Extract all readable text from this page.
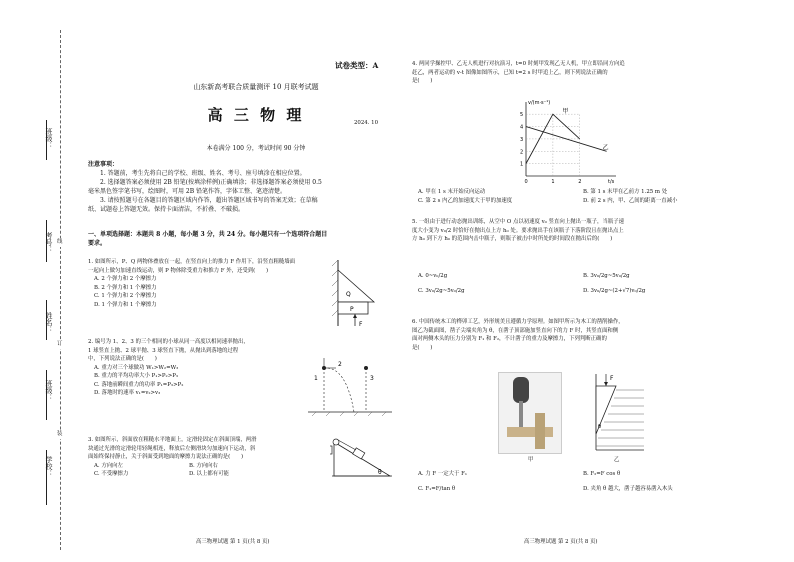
班级：
考号：
姓名：
班级：
学校：
线
订
装
试卷类型：A
山东新高考联合质量测评 10 月联考试题
高 三 物 理	2024. 10
本卷满分 100 分，考试时间 90 分钟
注意事项：
1. 答题前，考生先将自己的学校、班级、姓名、考号、座号填涂在相应位置。
2. 选择题答案必须使用 2B 铅笔(按填涂样例)正确填涂；非选择题答案必须使用 0.5
毫米黑色签字笔书写，绘图时，可用 2B 铅笔作答，字体工整、笔迹清楚。
3. 请按照题号在各题目的答题区域内作答，超出答题区域书写的答案无效；在草稿
纸、试题卷上答题无效。保持卡面清洁，不折叠、不破损。
一、单项选择题：本题共 8 小题，每小题 3 分，共 24 分。每小题只有一个选项符合题目
要求。
1. 如图所示，P、Q 两物体叠放在一起，在竖直向上的推力 F 作用下，沿竖直粗糙墙面
一起向上做匀加速直线运动，则 P 物体除受重力和推力 F 外，还受到(　　)
A. 2 个弹力和 2 个摩擦力
B. 2 个弹力和 1 个摩擦力
C. 1 个弹力和 2 个摩擦力
D. 1 个弹力和 1 个摩擦力
Q
P
F
2. 编号为 1、2、3 的三个相同的小球从同一高度以相同速率抛出，
1 球竖直上抛、2 球平抛、3 球竖直下抛，从抛出到落地的过程
中，下列说法正确的是(　　)
A. 重力对三个球做功 W₁>W₂=W₃
B. 重力的平均功率大小 P₁>P₂>P₃
C. 落地前瞬间重力的功率 P₁=P₃>P₂
D. 落地时的速率 v₁=v₂>v₃
1
2
3
3. 如图所示，斜面放在粗糙水平地面上，定滑轮固定在斜面顶端，两滑
块通过光滑的定滑轮用轻绳相连，释放后左侧滑块匀加速向下运动，斜
面始终保持静止，关于斜面受到地面的摩擦力说法正确的是(　　)
A. 方向向左	B. 方向向右
C. 不受摩擦力	D. 以上都有可能	θ
高三物理试题 第 1 页(共 8 页)
4. 两同学操控甲、乙无人机进行对抗演习，t=0 时刻甲发现乙无人机，甲立即沿同方向追
赶乙，两者运动的 v-t 图像如图所示，已知 t=2 s 时甲追上乙，则下列说法正确的
是(　　)
1
2
3
4
5
0	1	2
v/(m·s⁻¹)
t/s
甲
乙
A. 甲在 1 s 末开始反向运动	B. 第 1 s 末甲在乙前方 1.25 m 处
C. 第 2 s 内乙的加速度大于甲的加速度	D. 前 2 s 内，甲、乙间的距离一直减小
5. 一组由于进行动态抛出训练，从空中 O 点以初速度 v₀ 竖直向上抛出一瓶子，当瓶子速
度大小变为 v₀/2 时恰好在抛出点上方 h₀ 处。要求抛出手在该瓶子下落阶段且在抛出点上
方 h₀ 到下方 h₀ 的范围内击中瓶子，则瓶子被击中时所处的时间段在抛出后的(　　)
A. 0~v₀/2g	B. 3v₀/2g~5v₀/2g
C. 3v₀/2g~5v₀/2g	D. 3v₀/2g~(2+√7)v₀/2g
6. 中国传统木工的榫卯工艺，外形规美且遵循力学原理。如图甲所示为木工的凿削操作，
图乙为截面图，凿子尖端夹角为 θ，在凿子顶部施加竖直向下的力 F 时，其竖直面和侧
面对两侧木头的压力分别为 F₁ 和 F₂，不计凿子的重力及摩擦力，下列判断正确的
是(　　)
甲
F
θ
乙
A. 力 F 一定大于 F₁	B. F₂=F cos θ
C. F₁=F/tan θ	D. 夹角 θ 越大，凿子越容易凿入木头
高三物理试题 第 2 页(共 8 页)
